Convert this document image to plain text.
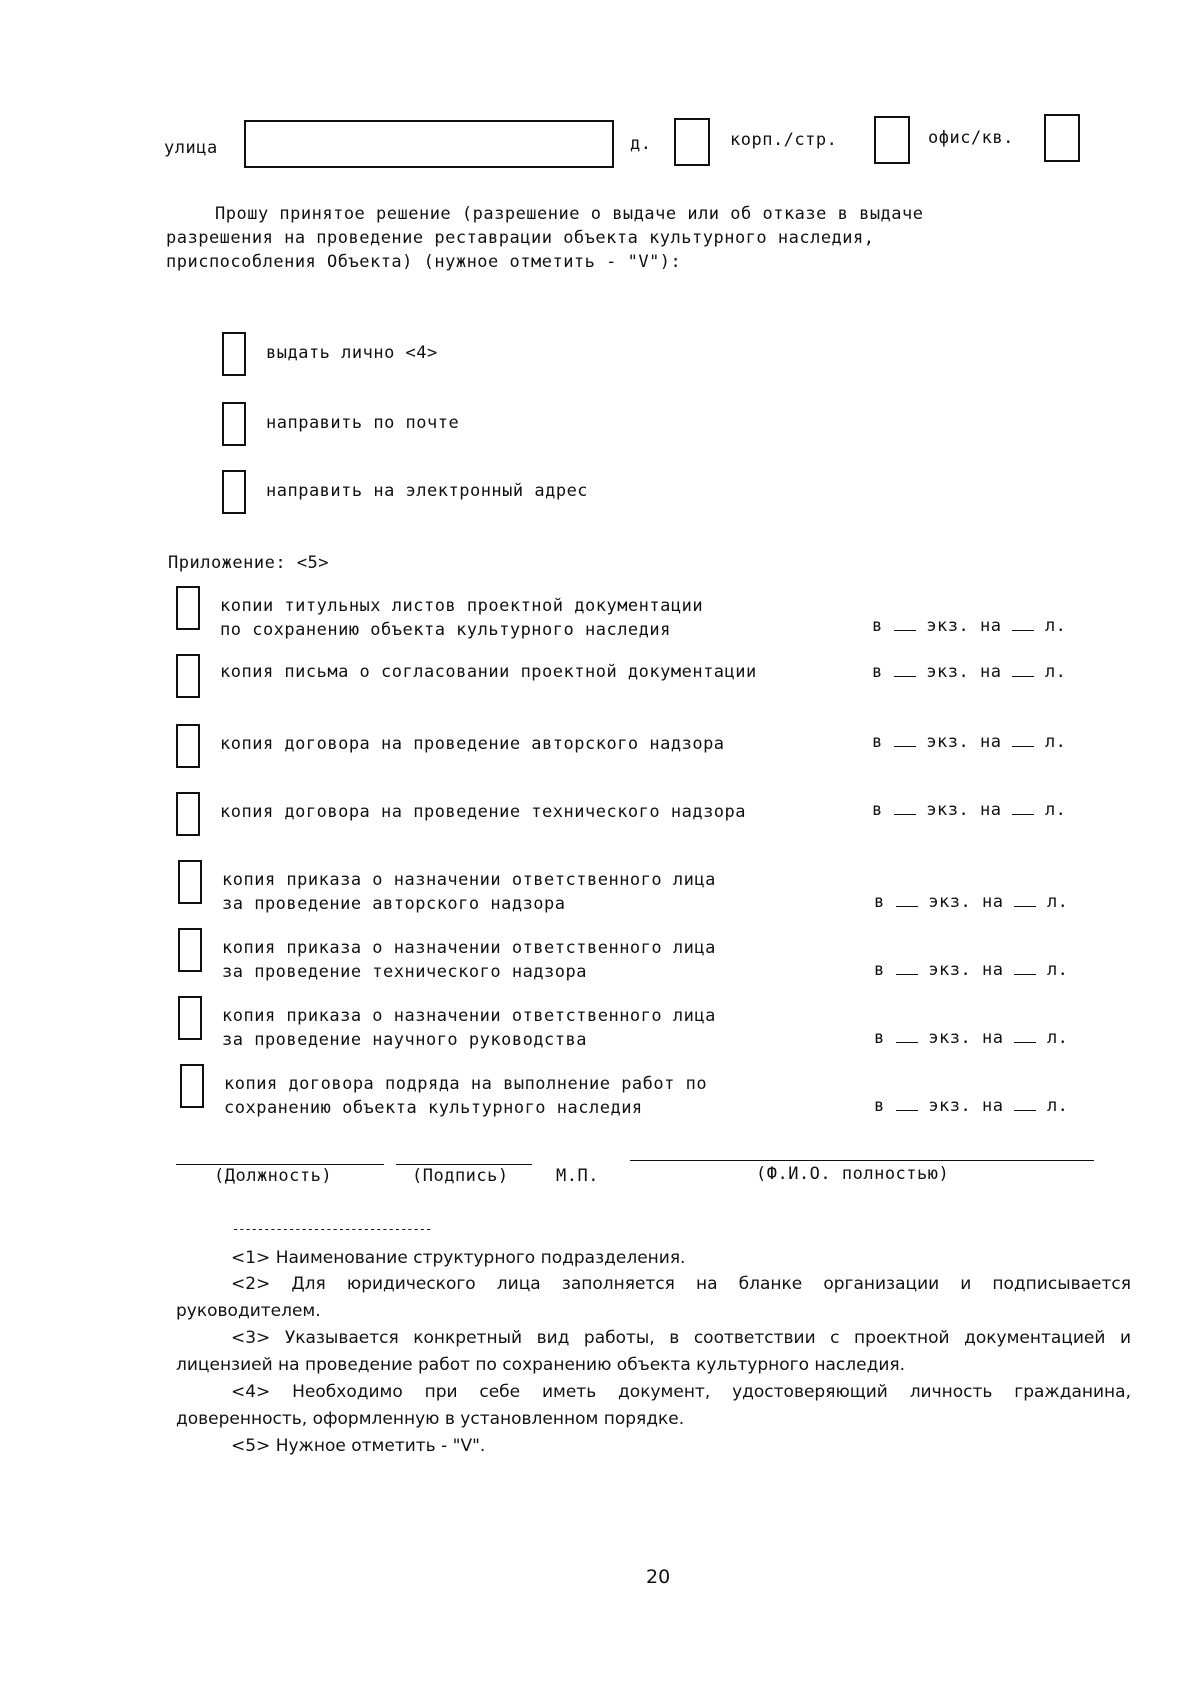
улица	д.	корп./стр.	офис/кв.
Прошу принятое решение (разрешение о выдаче или об отказе в выдаче
разрешения на проведение реставрации объекта культурного наследия,
приспособления Объекта) (нужное отметить - "V"):
выдать лично <4>
направить по почте
направить на электронный адрес
Приложение: <5>
копии титульных листов проектной документации
по сохранению объекта культурного наследия	в	экз. на	л.
копия письма о согласовании проектной документации	в	экз. на	л.
копия договора на проведение авторского надзора	в	экз. на	л.
копия договора на проведение технического надзора	в	экз. на	л.
копия приказа о назначении ответственного лица
за проведение авторского надзора	в	экз. на	л.
копия приказа о назначении ответственного лица
за проведение технического надзора	в	экз. на	л.
копия приказа о назначении ответственного лица
за проведение научного руководства	в	экз. на	л.
копия договора подряда на выполнение работ по
сохранению объекта культурного наследия	в	экз. на	л.
(Должность)	(Подпись)	М.П.	(Ф.И.О. полностью)
--------------------------------
<1> Наименование структурного подразделения.
<2> Для юридического лица заполняется на бланке организации и подписывается
руководителем.
<3> Указывается конкретный вид работы, в соответствии с проектной документацией и
лицензией на проведение работ по сохранению объекта культурного наследия.
<4> Необходимо при себе иметь документ, удостоверяющий личность гражданина,
доверенность, оформленную в установленном порядке.
<5> Нужное отметить - "V".
20
